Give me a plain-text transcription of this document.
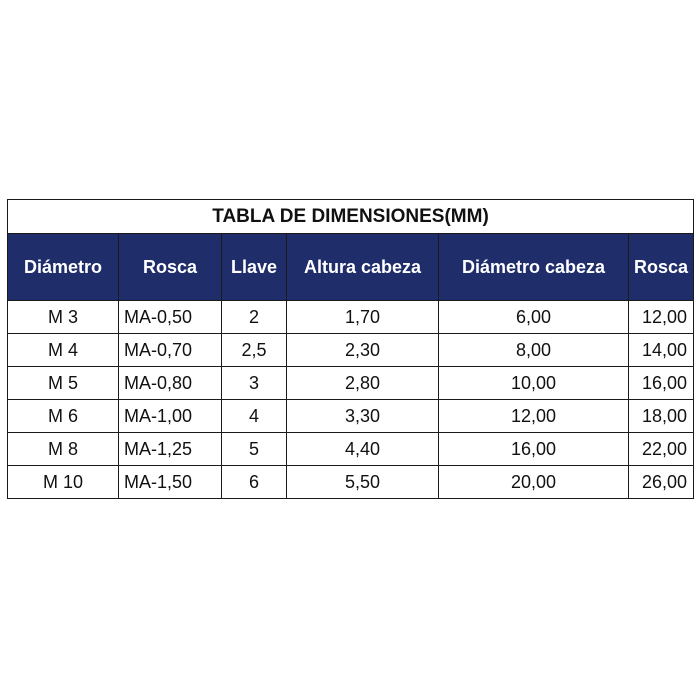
TABLA DE DIMENSIONES(MM)					
Diámetro	Rosca	Llave	Altura cabeza	Diámetro cabeza	Rosca
M 3	MA-0,50	2	1,70	6,00	12,00
M 4	MA-0,70	2,5	2,30	8,00	14,00
M 5	MA-0,80	3	2,80	10,00	16,00
M 6	MA-1,00	4	3,30	12,00	18,00
M 8	MA-1,25	5	4,40	16,00	22,00
M 10	MA-1,50	6	5,50	20,00	26,00
